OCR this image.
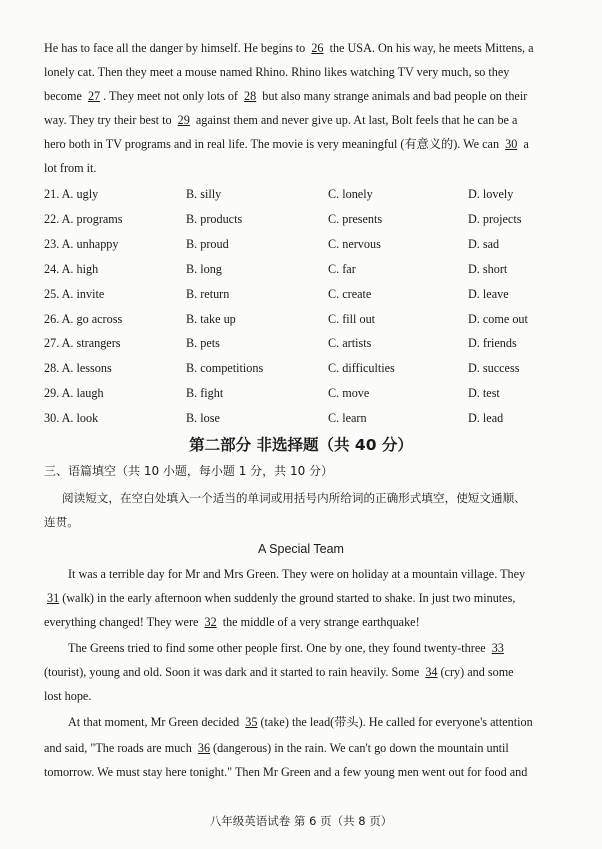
He has to face all the danger by himself. He begins to 26 the USA. On his way, he meets Mittens, a
lonely cat. Then they meet a mouse named Rhino. Rhino likes watching TV very much, so they
become 27 . They meet not only lots of 28 but also many strange animals and bad people on their
way. They try their best to 29 against them and never give up. At last, Bolt feels that he can be a
hero both in TV programs and in real life. The movie is very meaningful (有意义的). We can 30 a
lot from it.
21. A. ugly	B. silly	C. lonely	D. lovely
22. A. programs	B. products	C. presents	D. projects
23. A. unhappy	B. proud	C. nervous	D. sad
24. A. high	B. long	C. far	D. short
25. A. invite	B. return	C. create	D. leave
26. A. go across	B. take up	C. fill out	D. come out
27. A. strangers	B. pets	C. artists	D. friends
28. A. lessons	B. competitions	C. difficulties	D. success
29. A. laugh	B. fight	C. move	D. test
30. A. look	B. lose	C. learn	D. lead
第二部分 非选择题（共 40 分）
三、语篇填空（共 10 小题，每小题 1 分，共 10 分）
阅读短文，在空白处填入一个适当的单词或用括号内所给词的正确形式填空，使短文通顺、
连贯。
A Special Team
It was a terrible day for Mr and Mrs Green. They were on holiday at a mountain village. They
31 (walk) in the early afternoon when suddenly the ground started to shake. In just two minutes,
everything changed! They were 32 the middle of a very strange earthquake!
The Greens tried to find some other people first. One by one, they found twenty-three 33
(tourist), young and old. Soon it was dark and it started to rain heavily. Some 34 (cry) and some
lost hope.
At that moment, Mr Green decided 35 (take) the lead(带头). He called for everyone's attention
and said, "The roads are much 36 (dangerous) in the rain. We can't go down the mountain until
tomorrow. We must stay here tonight." Then Mr Green and a few young men went out for food and
八年级英语试卷 第 6 页（共 8 页）
